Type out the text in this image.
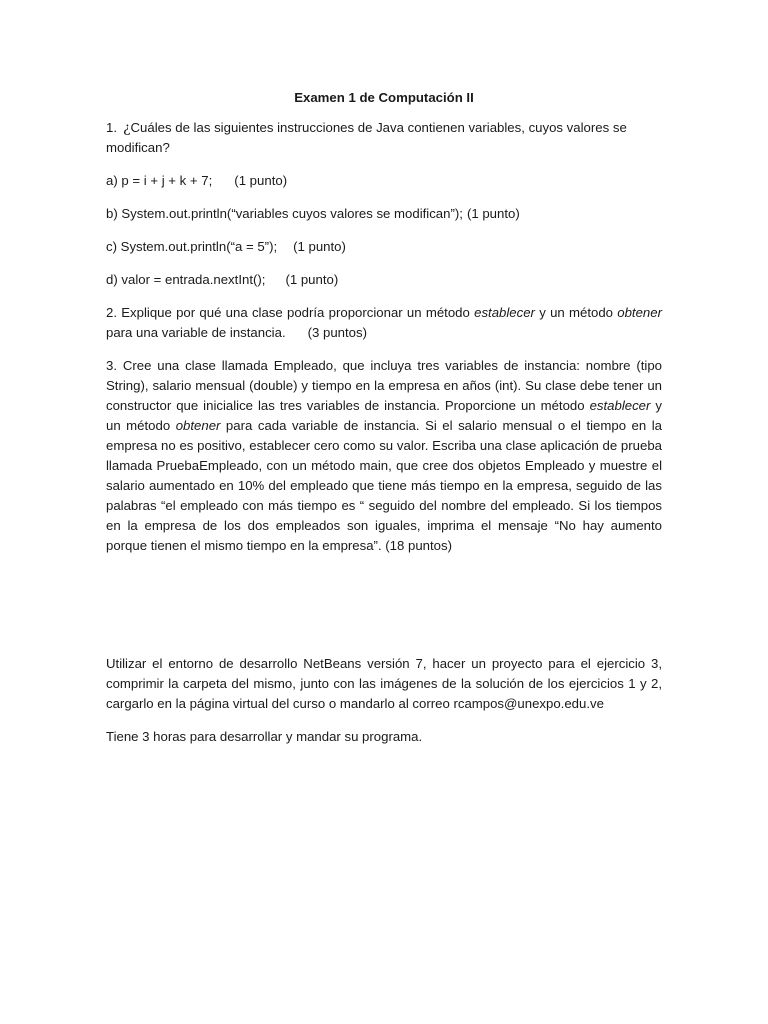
Examen 1 de Computación II
1. ¿Cuáles de las siguientes instrucciones de Java contienen variables, cuyos valores se modifican?
a) p = i + j + k + 7; (1 punto)
b) System.out.println(“variables cuyos valores se modifican”); (1 punto)
c) System.out.println(“a = 5”); (1 punto)
d) valor = entrada.nextInt(); (1 punto)
2. Explique por qué una clase podría proporcionar un método establecer y un método obtener para una variable de instancia. (3 puntos)
3. Cree una clase llamada Empleado, que incluya tres variables de instancia: nombre (tipo String), salario mensual (double) y tiempo en la empresa en años (int). Su clase debe tener un constructor que inicialice las tres variables de instancia. Proporcione un método establecer y un método obtener para cada variable de instancia. Si el salario mensual o el tiempo en la empresa no es positivo, establecer cero como su valor. Escriba una clase aplicación de prueba llamada PruebaEmpleado, con un método main, que cree dos objetos Empleado y muestre el salario aumentado en 10% del empleado que tiene más tiempo en la empresa, seguido de las palabras “el empleado con más tiempo es “ seguido del nombre del empleado. Si los tiempos en la empresa de los dos empleados son iguales, imprima el mensaje “No hay aumento porque tienen el mismo tiempo en la empresa”. (18 puntos)
Utilizar el entorno de desarrollo NetBeans versión 7, hacer un proyecto para el ejercicio 3, comprimir la carpeta del mismo, junto con las imágenes de la solución de los ejercicios 1 y 2, cargarlo en la página virtual del curso o mandarlo al correo rcampos@unexpo.edu.ve
Tiene 3 horas para desarrollar y mandar su programa.
